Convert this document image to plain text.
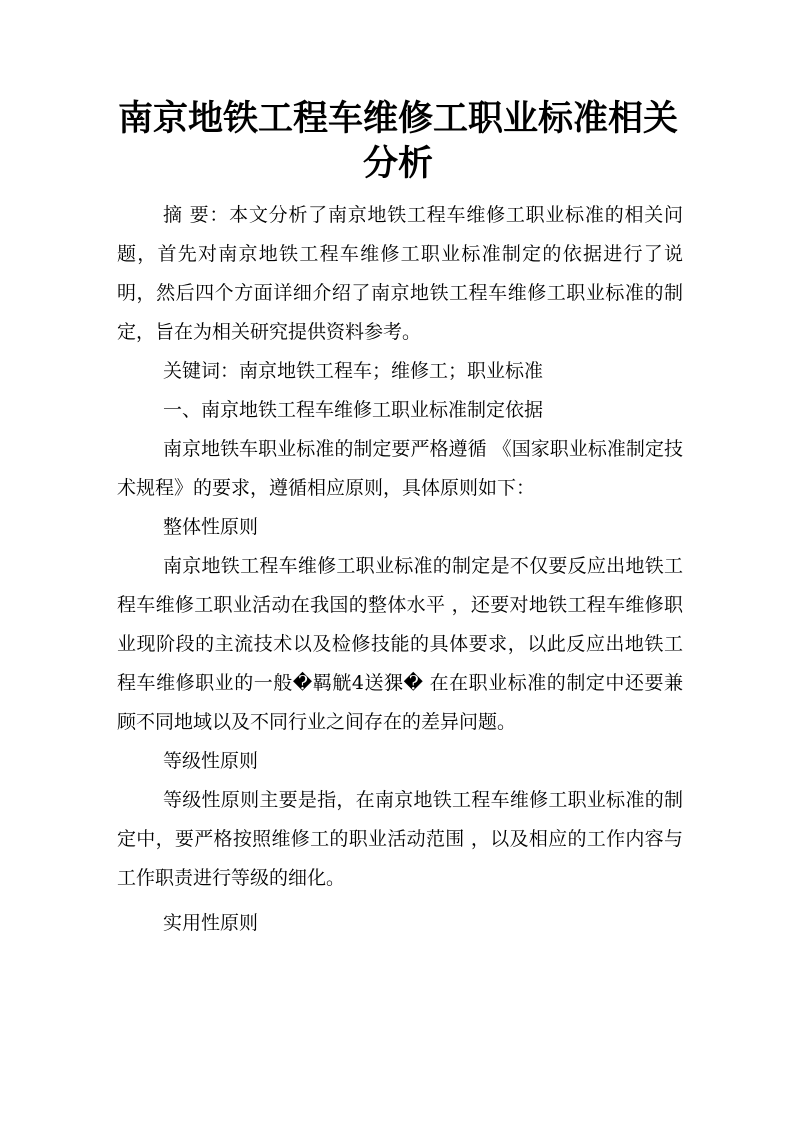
南京地铁工程车维修工职业标准相关分析

摘 要：本文分析了南京地铁工程车维修工职业标准的相关问题，首先对南京地铁工程车维修工职业标准制定的依据进行了说明，然后四个方面详细介绍了南京地铁工程车维修工职业标准的制定，旨在为相关研究提供资料参考。

关键词：南京地铁工程车；维修工；职业标准

一、南京地铁工程车维修工职业标准制定依据

南京地铁车职业标准的制定要严格遵循 《国家职业标准制定技术规程》的要求，遵循相应原则，具体原则如下：

整体性原则

南京地铁工程车维修工职业标准的制定是不仅要反应出地铁工程车维修工职业活动在我国的整体水平 ，还要对地铁工程车维修职业现阶段的主流技术以及检修技能的具体要求，以此反应出地铁工程车维修职业的一般�羁觥4送猓� 在在职业标准的制定中还要兼顾不同地域以及不同行业之间存在的差异问题。

等级性原则

等级性原则主要是指，在南京地铁工程车维修工职业标准的制定中，要严格按照维修工的职业活动范围 ，以及相应的工作内容与工作职责进行等级的细化。

实用性原则
